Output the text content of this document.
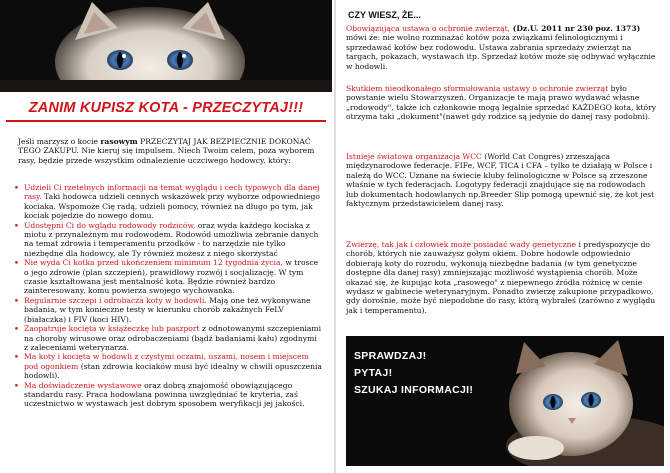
ZANIM KUPISZ KOTA - PRZECZYTAJ!!!
Jeśli marzysz o kocie rasowym PRZECZYTAJ JAK BEZPIECZNIE DOKONAĆ TEGO ZAKUPU. Nie kieruj się impulsem. Niech Twoim celem, poza wyborem rasy, będzie przede wszystkim odnalezienie uczciwego hodowcy, który:
• Udzieli Ci rzetelnych informacji na temat wyglądu i cech typowych dla danej rasy. Taki hodowca udzieli cennych wskazówek przy wyborze odpowiedniego kociaka. Wspomoże Cię radą, udzieli pomocy, również na długo po tym, jak kociak pojedzie do nowego domu.
• Udostępni Ci do wglądu rodowody rodziców, oraz wyda każdego kociaka z miotu z przynależnym mu rodowodem. Rodowód umożliwia zebranie danych na temat zdrowia i temperamentu przodków - to narzędzie nie tylko niezbędne dla hodowcy, ale Ty również możesz z niego skorzystać
• Nie wyda Ci kotka przed ukończeniem minimum 12 tygodnia życia, w trosce o jego zdrowie (plan szczepień), prawidłowy rozwój i socjalizację. W tym czasie kształtowana jest mentalność kota. Będzie również bardzo zainteresowany, komu powierza swojego wychowanka.
• Regularnie szczepi i odrobacza koty w hodowli. Mają one też wykonywane badania, w tym konieczne testy w kierunku chorób zakaźnych FeLV (białaczka) i FIV (koci HIV).
• Zaopatruje kocięta w książeczkę lub paszport z odnotowanymi szczepieniami na choroby wirusowe oraz odrobaczeniami (bądź badaniami kału) zgodnymi z zaleceniami weterynarza.
• Ma koty i kocięta w hodowli z czystymi oczami, uszami, nosem i miejscem pod ogonkiem (stan zdrowia kociaków musi być idealny w chwili opuszczenia hodowli).
• Ma doświadczenie wystawowe oraz dobrą znajomość obowiązującego standardu rasy. Praca hodowlana powinna uwzględniać te kryteria, zaś uczestnictwo w wystawach jest dobrym sposobem weryfikacji jej jakości.
CZY WIESZ, ŻE...
Obowiązująca ustawa o ochronie zwierząt, (Dz.U. 2011 nr 230 poz. 1373) mówi że: nie wolno rozmnażać kotów poza związkami felinologicznymi i sprzedawać kotów bez rodowodu. Ustawa zabrania sprzedaży zwierząt na targach, pokazach, wystawach itp. Sprzedaż kotów może się odbywać wyłącznie w hodowli.
Skutkiem nieodkonałego sformułowania ustawy o ochronie zwierząt było powstanie wielu Stowarzyszeń. Organizacje te mają prawo wydawać własne „rodowody", także ich członkowie mogą legalnie sprzedać KAŻDEGO kota, który otrzyma taki „dokument"(nawet gdy rodzice są jedynie do danej rasy podobni).
Istnieje światowa organizacja WCC (World Cat Congres) zrzeszająca międzynarodowe federacje. FIFe, WCF, TICA i CFA – tylko te działają w Polsce i należą do WCC. Uznane na świecie kluby felinologiczne w Polsce są zrzeszone właśnie w tych federacjach. Logotypy federacji znajdujące się na rodowodach lub dokumentach hodowlanych np.Breeder Slip pomogą upewnić się, że kot jest faktycznym przedstawicielem danej rasy.
Zwierzę, tak jak i człowiek może posiadać wady genetyczne i predyspozycje do chorób, których nie zauważysz gołym okiem. Dobre hodowle odpowiednio dobierają koty do rozrodu, wykonują niezbędne badania (w tym genetyczne dostępne dla danej rasy) zmniejszając możliwość wystąpienia chorób. Może okazać się, że kupując kota „rasowego" z niepewnego źródła różnicę w cenie wydasz w gabinecie weterynaryjnym. Ponadto zwierzę zakupione przypadkowo, gdy dorośnie, może być niepodobne do rasy, którą wybrałeś (zarówno z wyglądu jak i temperamentu).
SPRAWDZAJ!
PYTAJ!
SZUKAJ INFORMACJI!
